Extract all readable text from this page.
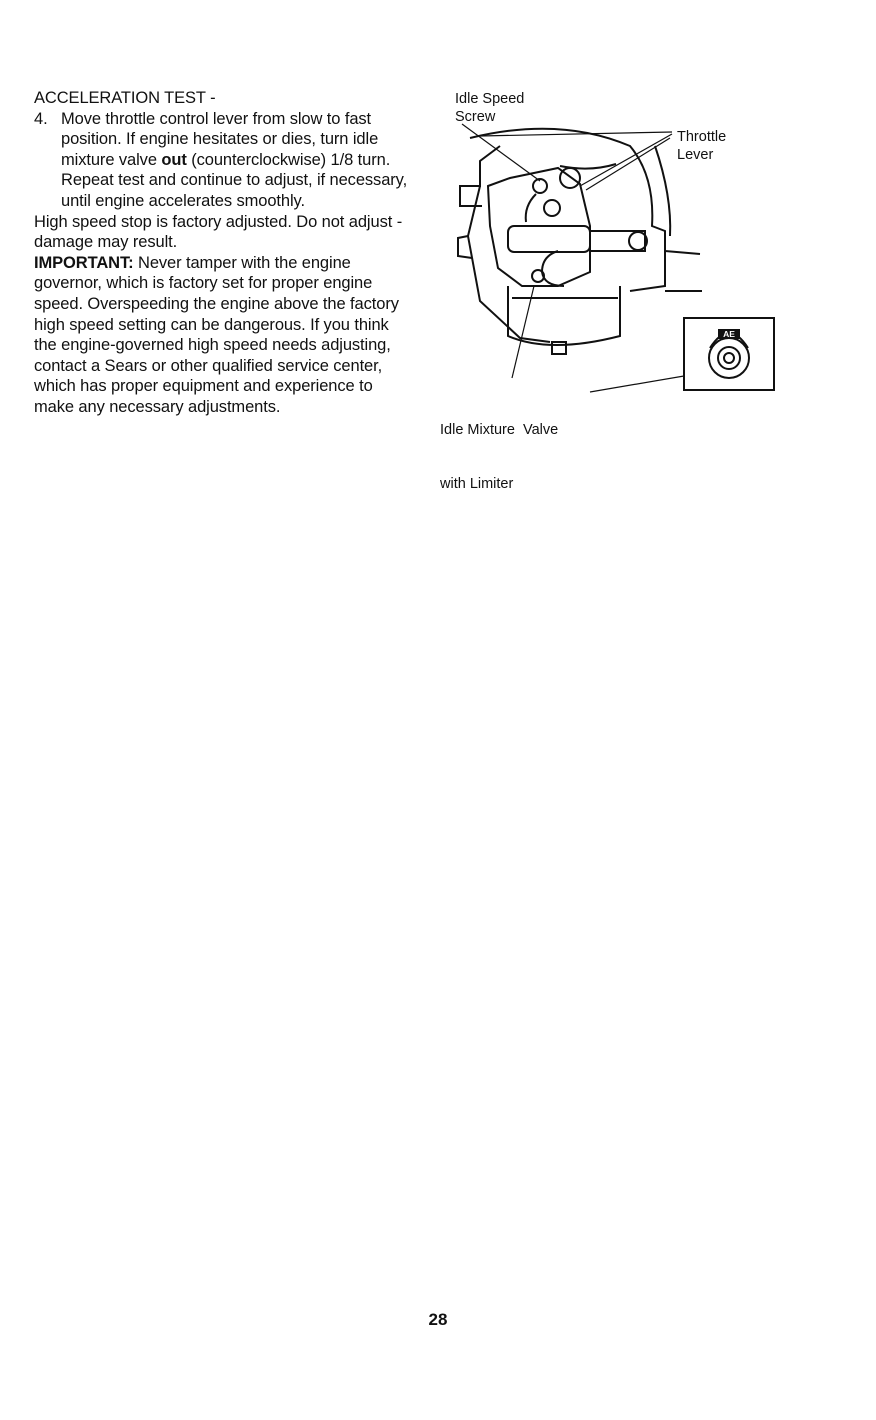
ACCELERATION TEST -

4. Move throttle control lever from slow to fast position. If engine hesitates or dies, turn idle mixture valve out (counterclockwise) 1/8 turn. Repeat test and continue to adjust, if necessary, until engine accelerates smoothly.

High speed stop is factory adjusted. Do not adjust - damage may result.

IMPORTANT: Never tamper with the engine governor, which is factory set for proper engine speed. Overspeeding the engine above the factory high speed setting can be dangerous. If you think the engine-governed high speed needs adjusting, contact a Sears or other qualified service center, which has proper equipment and experience to make any necessary adjustments.

AE
Idle Speed
Screw
Throttle
Lever

Idle Mixture  Valve

with Limiter

28
